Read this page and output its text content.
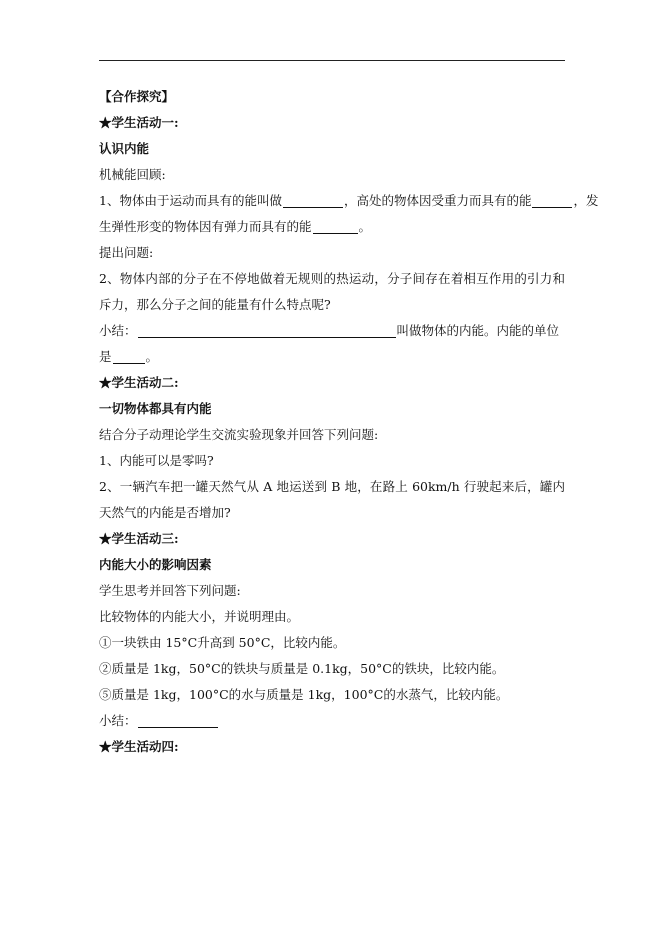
【合作探究】

★学生活动一:

认识内能

机械能回顾:

1、物体由于运动而具有的能叫做	，高处的物体因受重力而具有的能	，发

生弹性形变的物体因有弹力而具有的能	。

提出问题:

2、物体内部的分子在不停地做着无规则的热运动，分子间存在着相互作用的引力和斥力，那么分子之间的能量有什么特点呢?

小结：	叫做物体的内能。内能的单位

是	。

★学生活动二:

一切物体都具有内能

结合分子动理论学生交流实验现象并回答下列问题:

1、内能可以是零吗?

2、一辆汽车把一罐天然气从 A 地运送到 B 地，在路上 60km/h 行驶起来后，罐内天然气的内能是否增加?

★学生活动三:

内能大小的影响因素

学生思考并回答下列问题:

比较物体的内能大小，并说明理由。

①一块铁由 15°C升高到 50°C，比较内能。

②质量是 1kg，50°C的铁块与质量是 0.1kg，50°C的铁块，比较内能。

⑤质量是 1kg，100°C的水与质量是 1kg，100°C的水蒸气，比较内能。

小结：

★学生活动四:
